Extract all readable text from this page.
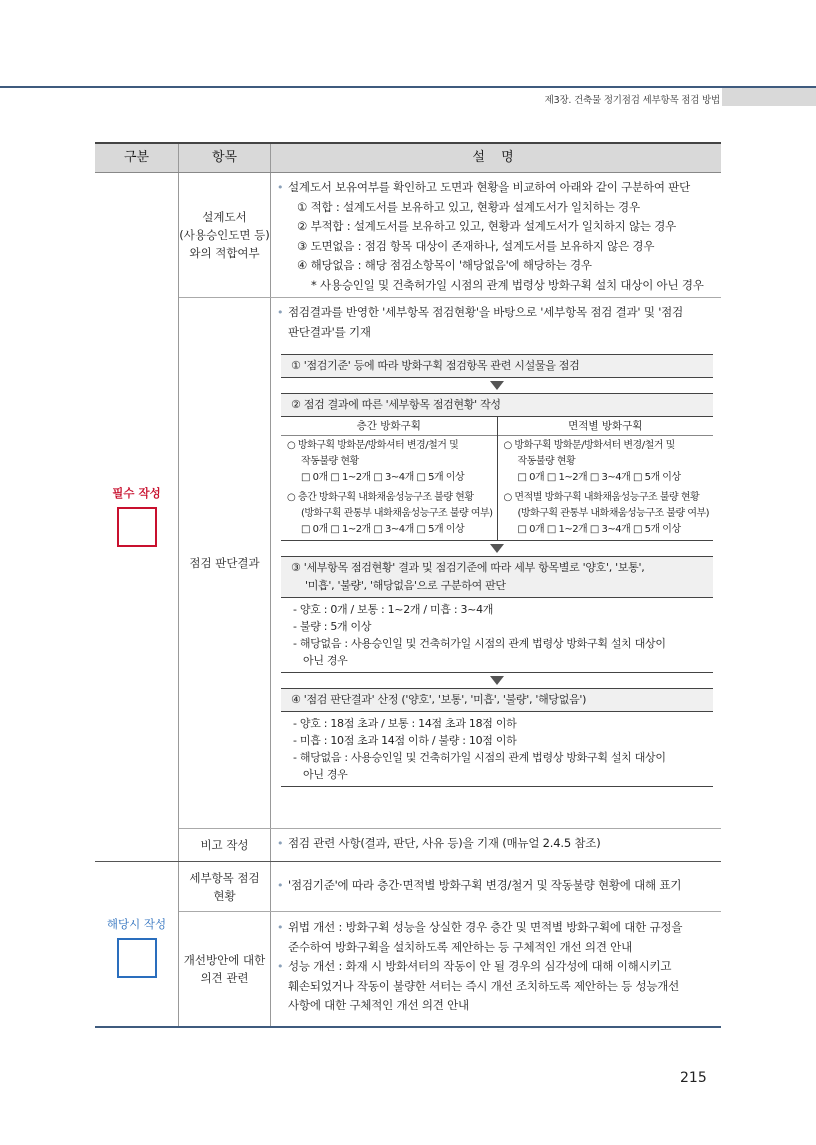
제3장. 건축물 정기점검 세부항목 점검 방법
구분	항목	설 명
필수 작성
설계도서
(사용승인도면 등)
와의 적합여부
• 설계도서 보유여부를 확인하고 도면과 현황을 비교하여 아래와 같이 구분하여 판단
① 적합 : 설계도서를 보유하고 있고, 현황과 설계도서가 일치하는 경우
② 부적합 : 설계도서를 보유하고 있고, 현황과 설계도서가 일치하지 않는 경우
③ 도면없음 : 점검 항목 대상이 존재하나, 설계도서를 보유하지 않은 경우
④ 해당없음 : 해당 점검소항목이 '해당없음'에 해당하는 경우
* 사용승인일 및 건축허가일 시점의 관계 법령상 방화구획 설치 대상이 아닌 경우
점검 판단결과
• 점검결과를 반영한 '세부항목 점검현황'을 바탕으로 '세부항목 점검 결과' 및 '점검
판단결과'를 기재
① '점검기준' 등에 따라 방화구획 점검항목 관련 시설물을 점검
② 점검 결과에 따른 '세부항목 점검현황' 작성
층간 방화구획
○ 방화구획 방화문/방화셔터 변경/철거 및
작동불량 현황
□ 0개 □ 1~2개 □ 3~4개 □ 5개 이상
○ 층간 방화구획 내화채움성능구조 불량 현황
(방화구획 관통부 내화채움성능구조 불량 여부)
□ 0개 □ 1~2개 □ 3~4개 □ 5개 이상
면적별 방화구획
○ 방화구획 방화문/방화셔터 변경/철거 및
작동불량 현황
□ 0개 □ 1~2개 □ 3~4개 □ 5개 이상
○ 면적별 방화구획 내화채움성능구조 불량 현황
(방화구획 관통부 내화채움성능구조 불량 여부)
□ 0개 □ 1~2개 □ 3~4개 □ 5개 이상
③ '세부항목 점검현황' 결과 및 점검기준에 따라 세부 항목별로 '양호', '보통',
'미흡', '불량', '해당없음'으로 구분하여 판단
- 양호 : 0개 / 보통 : 1~2개 / 미흡 : 3~4개
- 불량 : 5개 이상
- 해당없음 : 사용승인일 및 건축허가일 시점의 관계 법령상 방화구획 설치 대상이
아닌 경우
④ '점검 판단결과' 산정 ('양호', '보통', '미흡', '불량', '해당없음')
- 양호 : 18점 초과 / 보통 : 14점 초과 18점 이하
- 미흡 : 10점 초과 14점 이하 / 불량 : 10점 이하
- 해당없음 : 사용승인일 및 건축허가일 시점의 관계 법령상 방화구획 설치 대상이
아닌 경우
비고 작성
•	점검 관련 사항(결과, 판단, 사유 등)을 기재 (매뉴얼 2.4.5 참조)
해당시 작성
세부항목 점검
현황
• '점검기준'에 따라 층간·면적별 방화구획 변경/철거 및 작동불량 현황에 대해 표기
개선방안에 대한
의견 관련
• 위법 개선 : 방화구획 성능을 상실한 경우 층간 및 면적별 방화구획에 대한 규정을
준수하여 방화구획을 설치하도록 제안하는 등 구체적인 개선 의견 안내
• 성능 개선 : 화재 시 방화셔터의 작동이 안 될 경우의 심각성에 대해 이해시키고
훼손되었거나 작동이 불량한 셔터는 즉시 개선 조치하도록 제안하는 등 성능개선
사항에 대한 구체적인 개선 의견 안내
215
